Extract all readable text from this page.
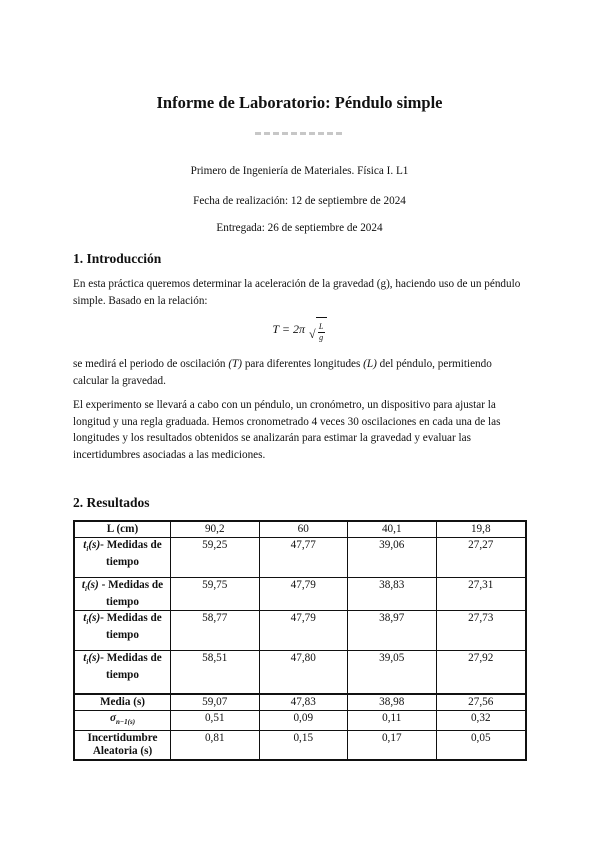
Informe de Laboratorio: Péndulo simple
Primero de Ingeniería de Materiales. Física I. L1
Fecha de realización: 12 de septiembre de 2024
Entregada: 26 de septiembre de 2024
1. Introducción
En esta práctica queremos determinar la aceleración de la gravedad (g), haciendo uso de un péndulo simple. Basado en la relación:
T = 2π √ $\frac{L}{g}$
se medirá el periodo de oscilación (T) para diferentes longitudes (L) del péndulo, permitiendo calcular la gravedad.
El experimento se llevará a cabo con un péndulo, un cronómetro, un dispositivo para ajustar la longitud y una regla graduada. Hemos cronometrado 4 veces 30 oscilaciones en cada una de las longitudes y los resultados obtenidos se analizarán para estimar la gravedad y evaluar las incertidumbres asociadas a las mediciones.
2. Resultados
L (cm)	90,2	60	40,1	19,8
$t_i(s)-$ Medidas de tiempo	59,25	47,77	39,06	27,27
$t_i(s)$ - Medidas de tiempo	59,75	47,79	38,83	27,31
$t_i(s)-$ Medidas de tiempo	58,77	47,79	38,97	27,73
$t_i(s)-$ Medidas de tiempo	58,51	47,80	39,05	27,92
Media (s)	59,07	47,83	38,98	27,56
$\sigma_{n-1(s)}$	0,51	0,09	0,11	0,32
Incertidumbre Aleatoria (s)	0,81	0,15	0,17	0,05
